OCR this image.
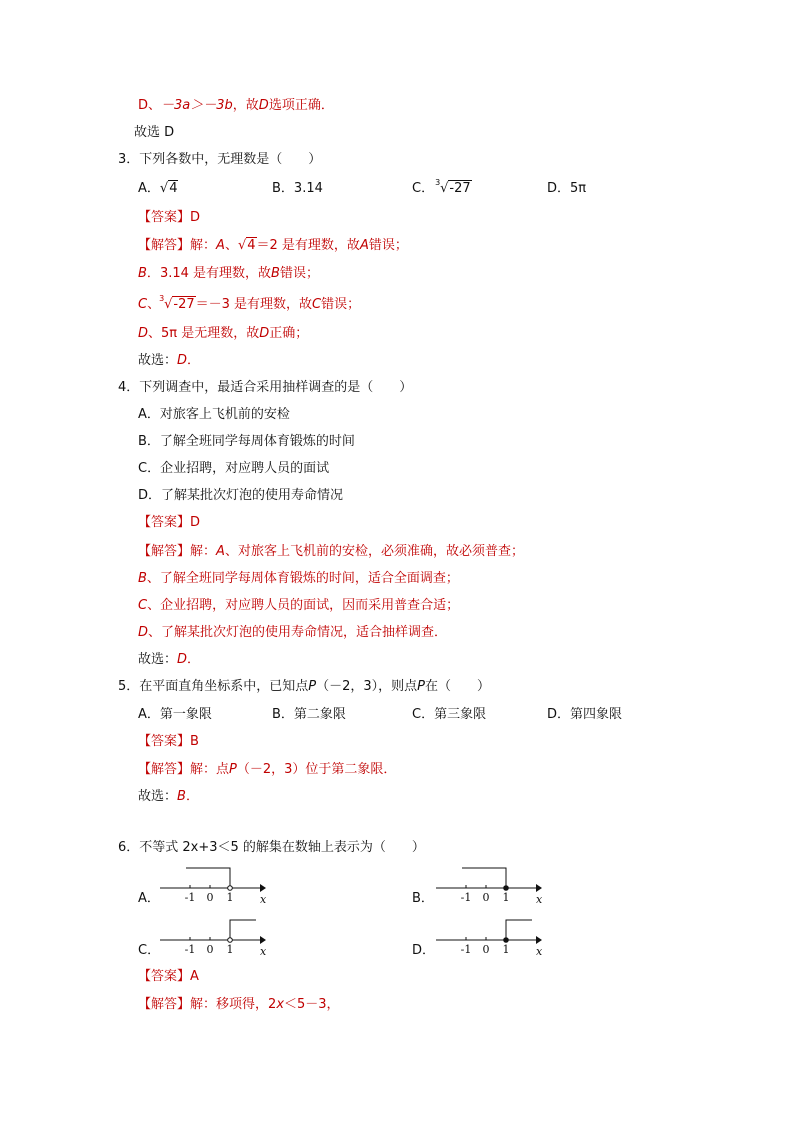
D、－3a＞－3b，故D选项正确．
故选 D
3．下列各数中，无理数是（　　）
A．√4	B．3.14	C． 3 √-27	D．5π
【答案】D
【解答】解：A、√4＝2 是有理数，故A错误；
B．3.14 是有理数，故B错误；
C、 3 √-27＝－3 是有理数，故C错误；
D、5π 是无理数，故D正确；
故选：D．
4．下列调查中，最适合采用抽样调查的是（　　）
A．对旅客上飞机前的安检
B．了解全班同学每周体育锻炼的时间
C．企业招聘，对应聘人员的面试
D．了解某批次灯泡的使用寿命情况
【答案】D
【解答】解：A、对旅客上飞机前的安检，必须准确，故必须普查；
B、了解全班同学每周体育锻炼的时间，适合全面调查；
C、企业招聘，对应聘人员的面试，因而采用普查合适；
D、了解某批次灯泡的使用寿命情况，适合抽样调查．
故选：D．
5．在平面直角坐标系中，已知点P（－2，3），则点P在（　　）
A．第一象限	B．第二象限	C．第三象限	D．第四象限
【答案】B
【解答】解：点P（－2，3）位于第二象限．
故选：B．
6．不等式 2x+3＜5 的解集在数轴上表示为（　　）
A． -1 0 1 x	B． -1 0 1 x
C． -1 0 1 x	D． -1 0 1 x
【答案】A
【解答】解：移项得，2x＜5－3，
